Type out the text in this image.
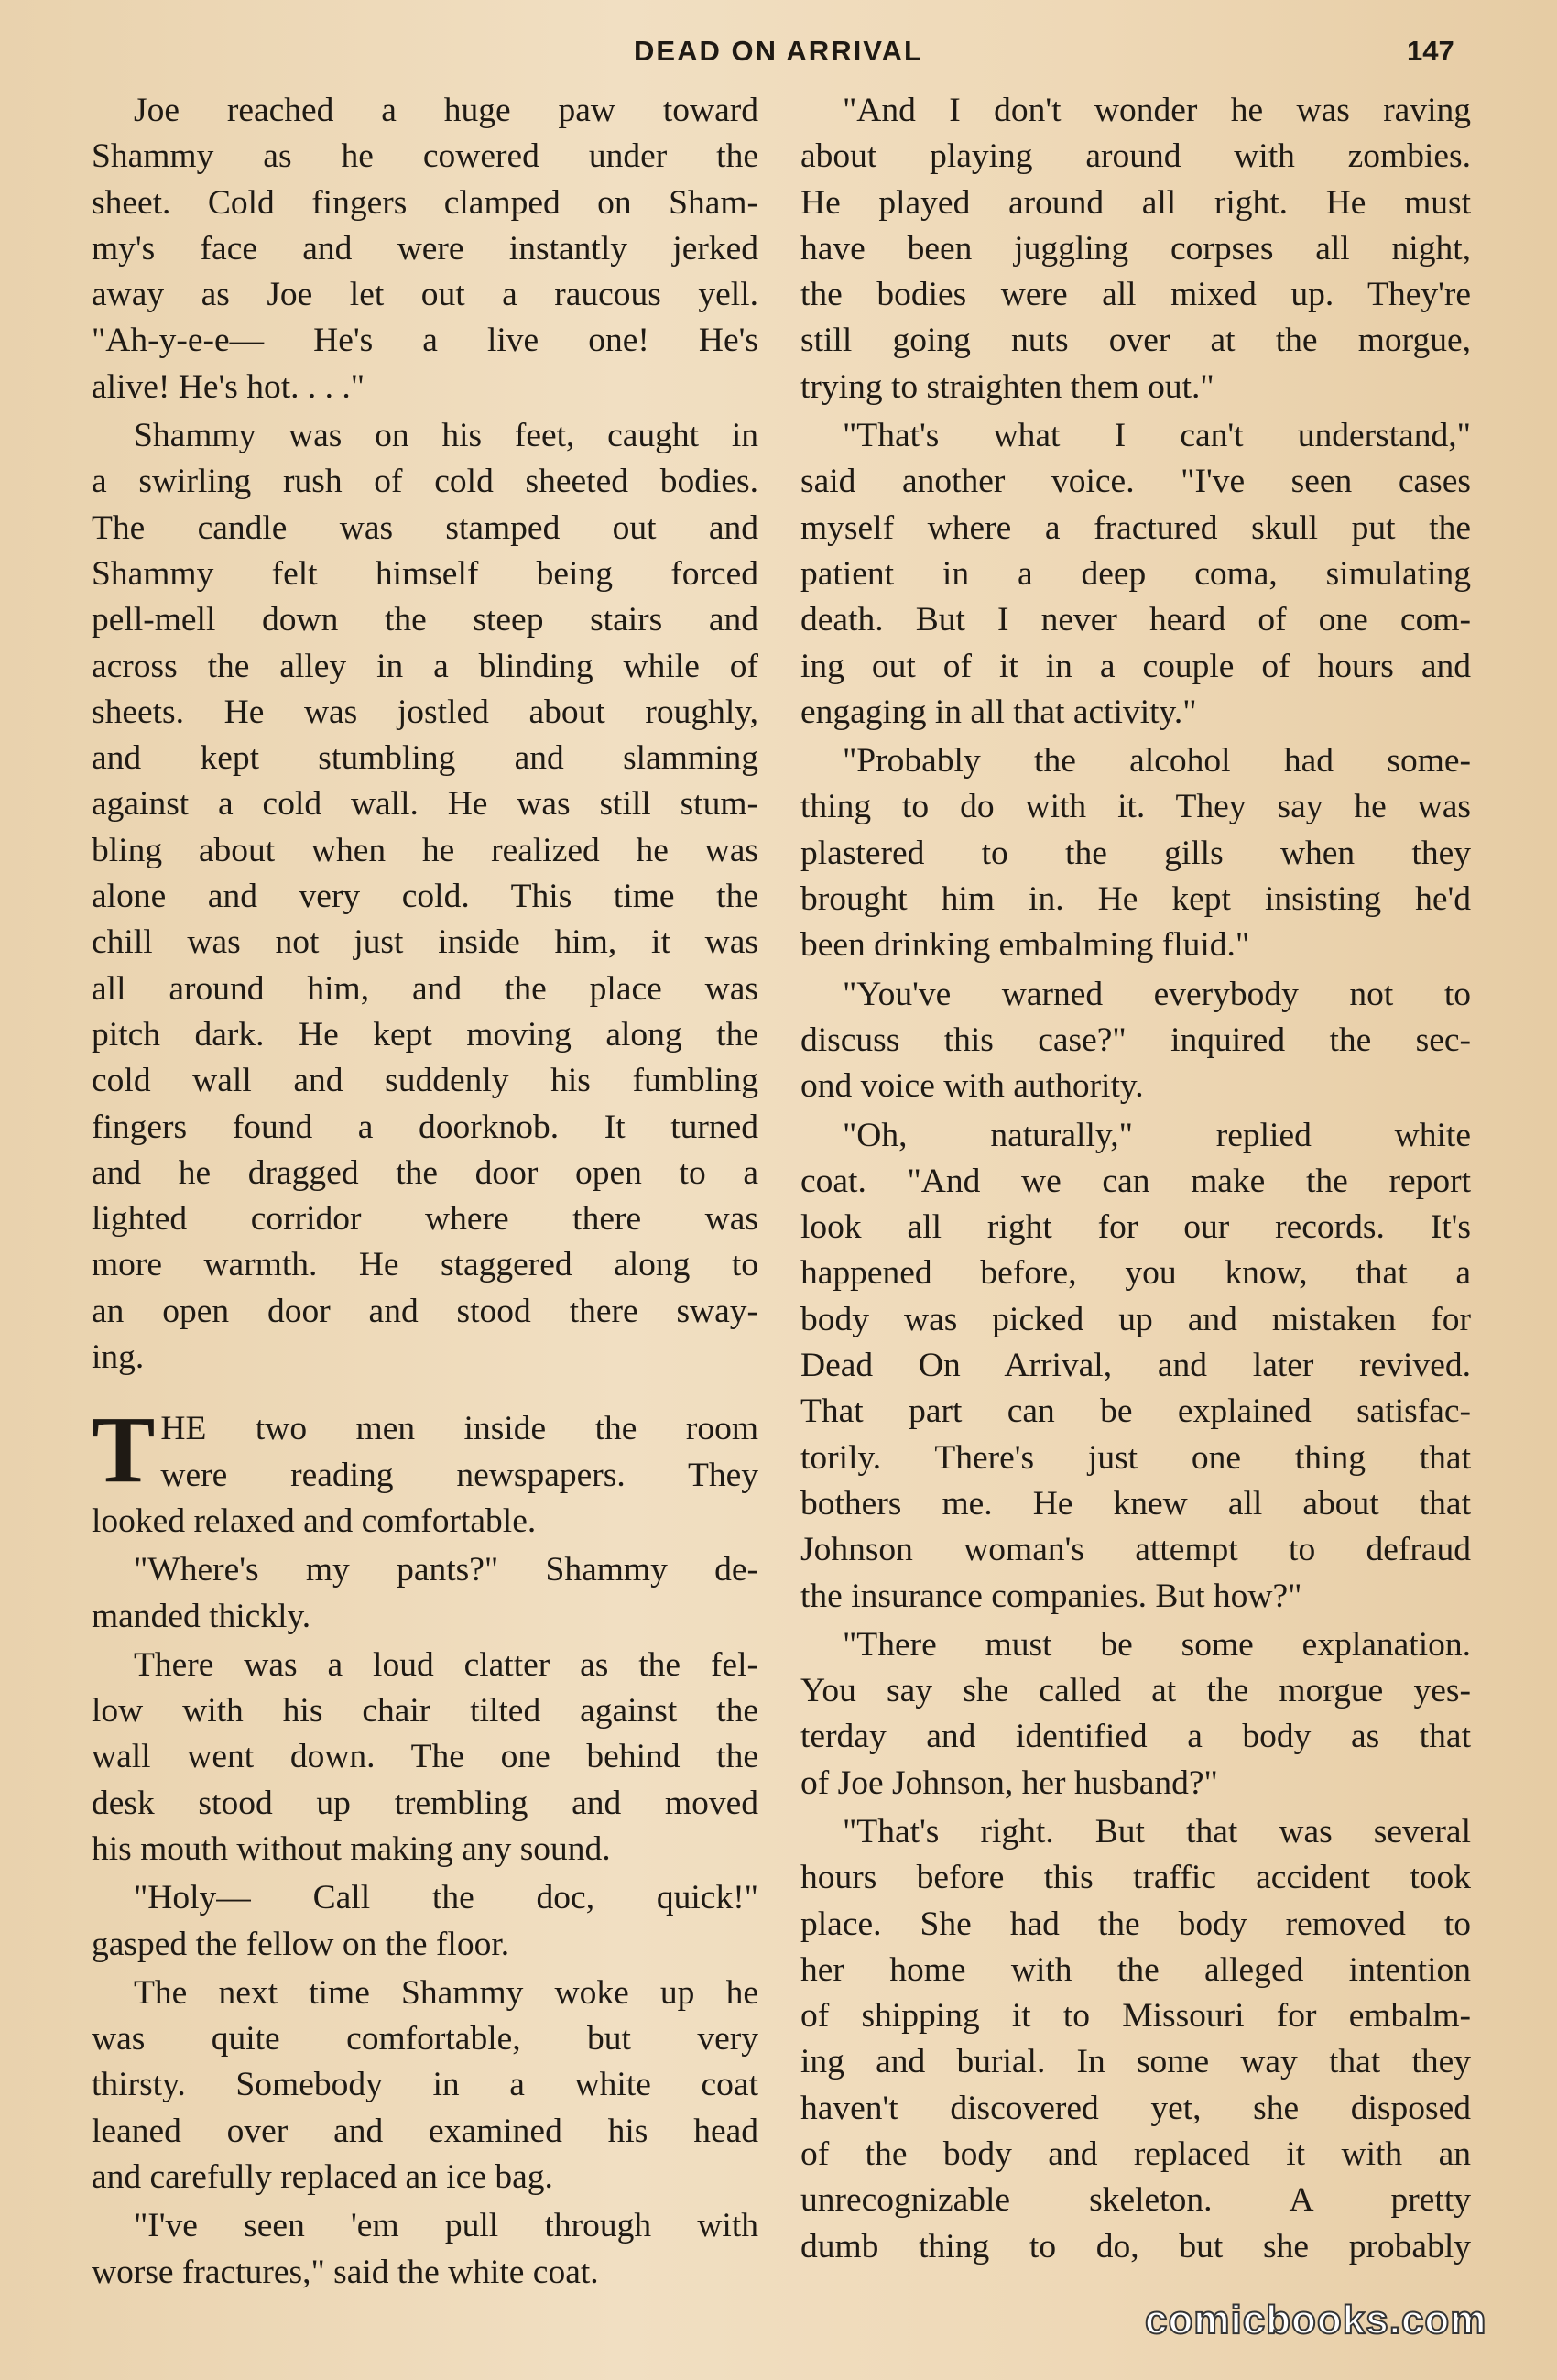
DEAD ON ARRIVAL	147
Joe reached a huge paw toward
Shammy as he cowered under the
sheet. Cold fingers clamped on Sham-
my's face and were instantly jerked
away as Joe let out a raucous yell.
"Ah-y-e-e— He's a live one! He's
alive! He's hot. . . ."
Shammy was on his feet, caught in
a swirling rush of cold sheeted bodies.
The candle was stamped out and
Shammy felt himself being forced
pell-mell down the steep stairs and
across the alley in a blinding while of
sheets. He was jostled about roughly,
and kept stumbling and slamming
against a cold wall. He was still stum-
bling about when he realized he was
alone and very cold. This time the
chill was not just inside him, it was
all around him, and the place was
pitch dark. He kept moving along the
cold wall and suddenly his fumbling
fingers found a doorknob. It turned
and he dragged the door open to a
lighted corridor where there was
more warmth. He staggered along to
an open door and stood there sway-
ing.
T HE two men inside the room
were reading newspapers. They
looked relaxed and comfortable.
"Where's my pants?" Shammy de-
manded thickly.
There was a loud clatter as the fel-
low with his chair tilted against the
wall went down. The one behind the
desk stood up trembling and moved
his mouth without making any sound.
"Holy— Call the doc, quick!"
gasped the fellow on the floor.
The next time Shammy woke up he
was quite comfortable, but very
thirsty. Somebody in a white coat
leaned over and examined his head
and carefully replaced an ice bag.
"I've seen 'em pull through with
worse fractures," said the white coat.
"And I don't wonder he was raving
about playing around with zombies.
He played around all right. He must
have been juggling corpses all night,
the bodies were all mixed up. They're
still going nuts over at the morgue,
trying to straighten them out."
"That's what I can't understand,"
said another voice. "I've seen cases
myself where a fractured skull put the
patient in a deep coma, simulating
death. But I never heard of one com-
ing out of it in a couple of hours and
engaging in all that activity."
"Probably the alcohol had some-
thing to do with it. They say he was
plastered to the gills when they
brought him in. He kept insisting he'd
been drinking embalming fluid."
"You've warned everybody not to
discuss this case?" inquired the sec-
ond voice with authority.
"Oh, naturally," replied white
coat. "And we can make the report
look all right for our records. It's
happened before, you know, that a
body was picked up and mistaken for
Dead On Arrival, and later revived.
That part can be explained satisfac-
torily. There's just one thing that
bothers me. He knew all about that
Johnson woman's attempt to defraud
the insurance companies. But how?"
"There must be some explanation.
You say she called at the morgue yes-
terday and identified a body as that
of Joe Johnson, her husband?"
"That's right. But that was several
hours before this traffic accident took
place. She had the body removed to
her home with the alleged intention
of shipping it to Missouri for embalm-
ing and burial. In some way that they
haven't discovered yet, she disposed
of the body and replaced it with an
unrecognizable skeleton. A pretty
dumb thing to do, but she probably
comicbooks.com
